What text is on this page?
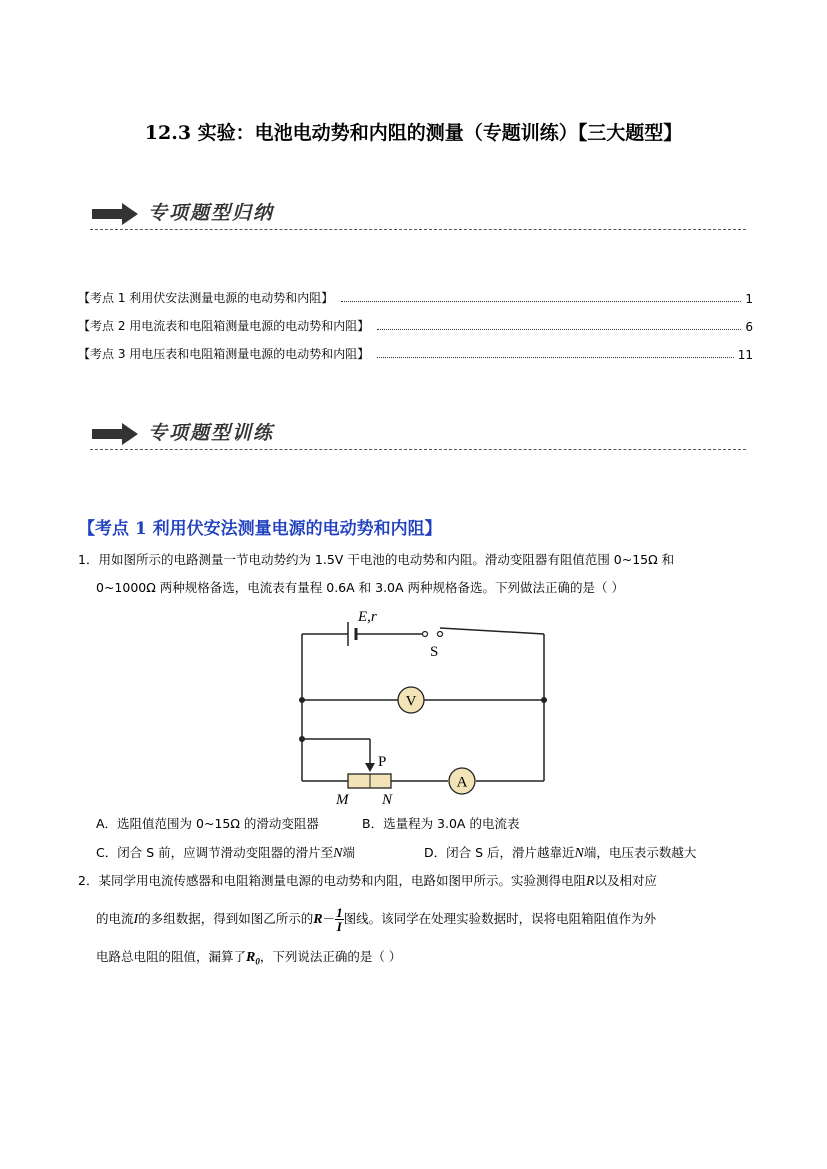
12.3 实验：电池电动势和内阻的测量（专题训练）【三大题型】
专项题型归纳
【考点 1 利用伏安法测量电源的电动势和内阻】	1
【考点 2 用电流表和电阻箱测量电源的电动势和内阻】	6
【考点 3 用电压表和电阻箱测量电源的电动势和内阻】	11
专项题型训练
【考点 1 利用伏安法测量电源的电动势和内阻】
1．用如图所示的电路测量一节电动势约为 1.5V 干电池的电动势和内阻。滑动变阻器有阻值范围 0~15Ω 和
0~1000Ω 两种规格备选，电流表有量程 0.6A 和 3.0A 两种规格备选。下列做法正确的是（ ）
V
A
E,r
S
P
M N
A．选阻值范围为 0~15Ω 的滑动变阻器	B．选量程为 3.0A 的电流表
C．闭合 S 前，应调节滑动变阻器的滑片至N端	D．闭合 S 后，滑片越靠近N端，电压表示数越大
2．某同学用电流传感器和电阻箱测量电源的电动势和内阻，电路如图甲所示。实验测得电阻R以及相对应
的电流I的多组数据，得到如图乙所示的$R- \frac{1}{I}$ 图线。该同学在处理实验数据时，误将电阻箱阻值作为外
电路总电阻的阻值，漏算了$R_0$，下列说法正确的是（ ）
